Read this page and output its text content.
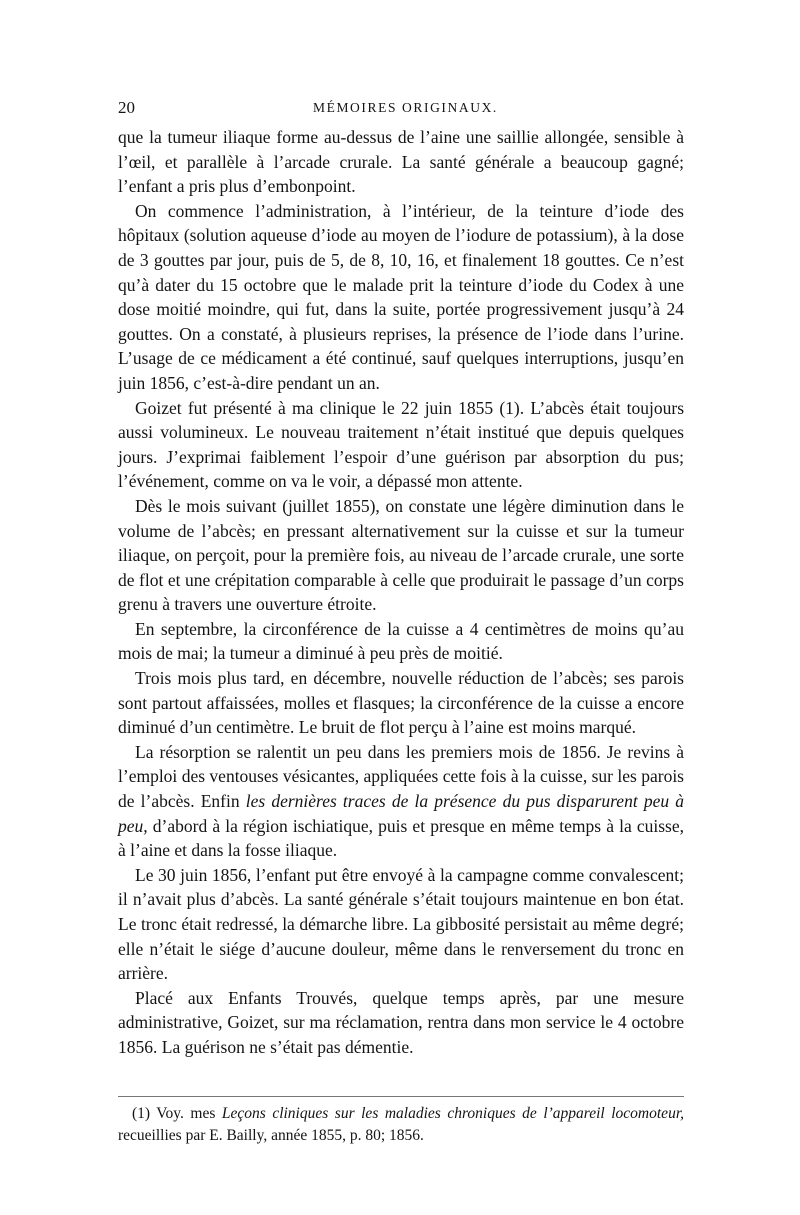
20	MÉMOIRES ORIGINAUX.

que la tumeur iliaque forme au-dessus de l’aine une saillie allongée, sensible à l’œil, et parallèle à l’arcade crurale. La santé générale a beaucoup gagné; l’enfant a pris plus d’embonpoint.

On commence l’administration, à l’intérieur, de la teinture d’iode des hôpitaux (solution aqueuse d’iode au moyen de l’iodure de potassium), à la dose de 3 gouttes par jour, puis de 5, de 8, 10, 16, et finalement 18 gouttes. Ce n’est qu’à dater du 15 octobre que le malade prit la teinture d’iode du Codex à une dose moitié moindre, qui fut, dans la suite, portée progressivement jusqu’à 24 gouttes. On a constaté, à plusieurs reprises, la présence de l’iode dans l’urine. L’usage de ce médicament a été continué, sauf quelques interruptions, jusqu’en juin 1856, c’est-à-dire pendant un an.

Goizet fut présenté à ma clinique le 22 juin 1855 (1). L’abcès était toujours aussi volumineux. Le nouveau traitement n’était institué que depuis quelques jours. J’exprimai faiblement l’espoir d’une guérison par absorption du pus; l’événement, comme on va le voir, a dépassé mon attente.

Dès le mois suivant (juillet 1855), on constate une légère diminution dans le volume de l’abcès; en pressant alternativement sur la cuisse et sur la tumeur iliaque, on perçoit, pour la première fois, au niveau de l’arcade crurale, une sorte de flot et une crépitation comparable à celle que produirait le passage d’un corps grenu à travers une ouverture étroite.

En septembre, la circonférence de la cuisse a 4 centimètres de moins qu’au mois de mai; la tumeur a diminué à peu près de moitié.

Trois mois plus tard, en décembre, nouvelle réduction de l’abcès; ses parois sont partout affaissées, molles et flasques; la circonférence de la cuisse a encore diminué d’un centimètre. Le bruit de flot perçu à l’aine est moins marqué.

La résorption se ralentit un peu dans les premiers mois de 1856. Je revins à l’emploi des ventouses vésicantes, appliquées cette fois à la cuisse, sur les parois de l’abcès. Enfin les dernières traces de la présence du pus disparurent peu à peu, d’abord à la région ischiatique, puis et presque en même temps à la cuisse, à l’aine et dans la fosse iliaque.

Le 30 juin 1856, l’enfant put être envoyé à la campagne comme convalescent; il n’avait plus d’abcès. La santé générale s’était toujours maintenue en bon état. Le tronc était redressé, la démarche libre. La gibbosité persistait au même degré; elle n’était le siége d’aucune douleur, même dans le renversement du tronc en arrière.

Placé aux Enfants Trouvés, quelque temps après, par une mesure administrative, Goizet, sur ma réclamation, rentra dans mon service le 4 octobre 1856. La guérison ne s’était pas démentie.

(1) Voy. mes Leçons cliniques sur les maladies chroniques de l’appareil locomoteur, recueillies par E. Bailly, année 1855, p. 80; 1856.
